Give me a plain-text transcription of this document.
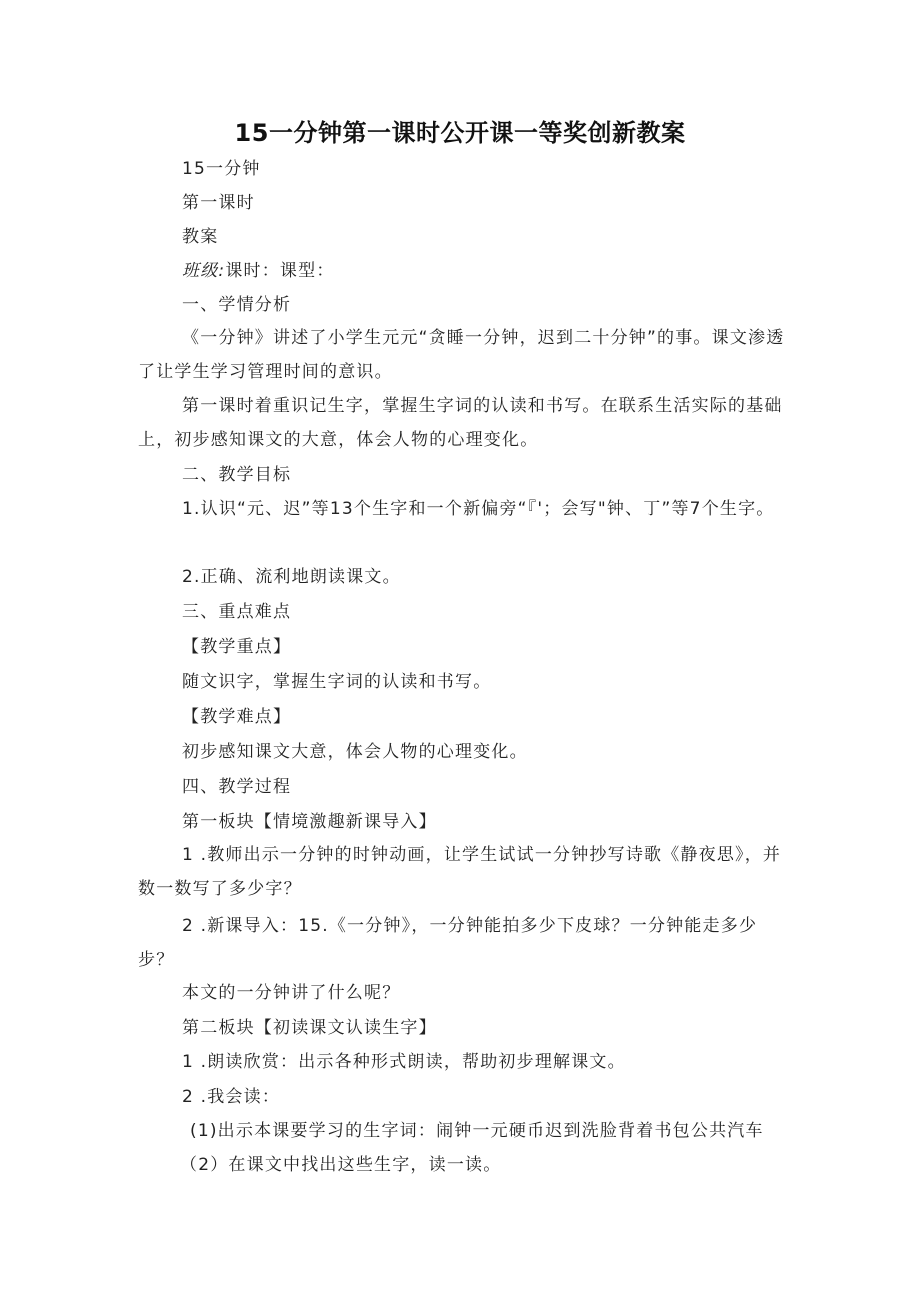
15一分钟第一课时公开课一等奖创新教案
15一分钟
第一课时
教案
班级:课时：课型：
一、学情分析
《一分钟》讲述了小学生元元“贪睡一分钟，迟到二十分钟”的事。课文渗透了让学生学习管理时间的意识。
第一课时着重识记生字，掌握生字词的认读和书写。在联系生活实际的基础上，初步感知课文的大意，体会人物的心理变化。
二、教学目标
1.认识“元、迟”等13个生字和一个新偏旁“『'；会写"钟、丁”等7个生字。
2.正确、流利地朗读课文。
三、重点难点
【教学重点】
随文识字，掌握生字词的认读和书写。
【教学难点】
初步感知课文大意，体会人物的心理变化。
四、教学过程
第一板块【情境激趣新课导入】
1 .教师出示一分钟的时钟动画，让学生试试一分钟抄写诗歌《静夜思》，并数一数写了多少字？
2 .新课导入：15.《一分钟》，一分钟能拍多少下皮球？一分钟能走多少步？
本文的一分钟讲了什么呢？
第二板块【初读课文认读生字】
1 .朗读欣赏：出示各种形式朗读，帮助初步理解课文。
2 .我会读：
(1)出示本课要学习的生字词：闹钟一元硬币迟到洗脸背着书包公共汽车
（2）在课文中找出这些生字，读一读。
